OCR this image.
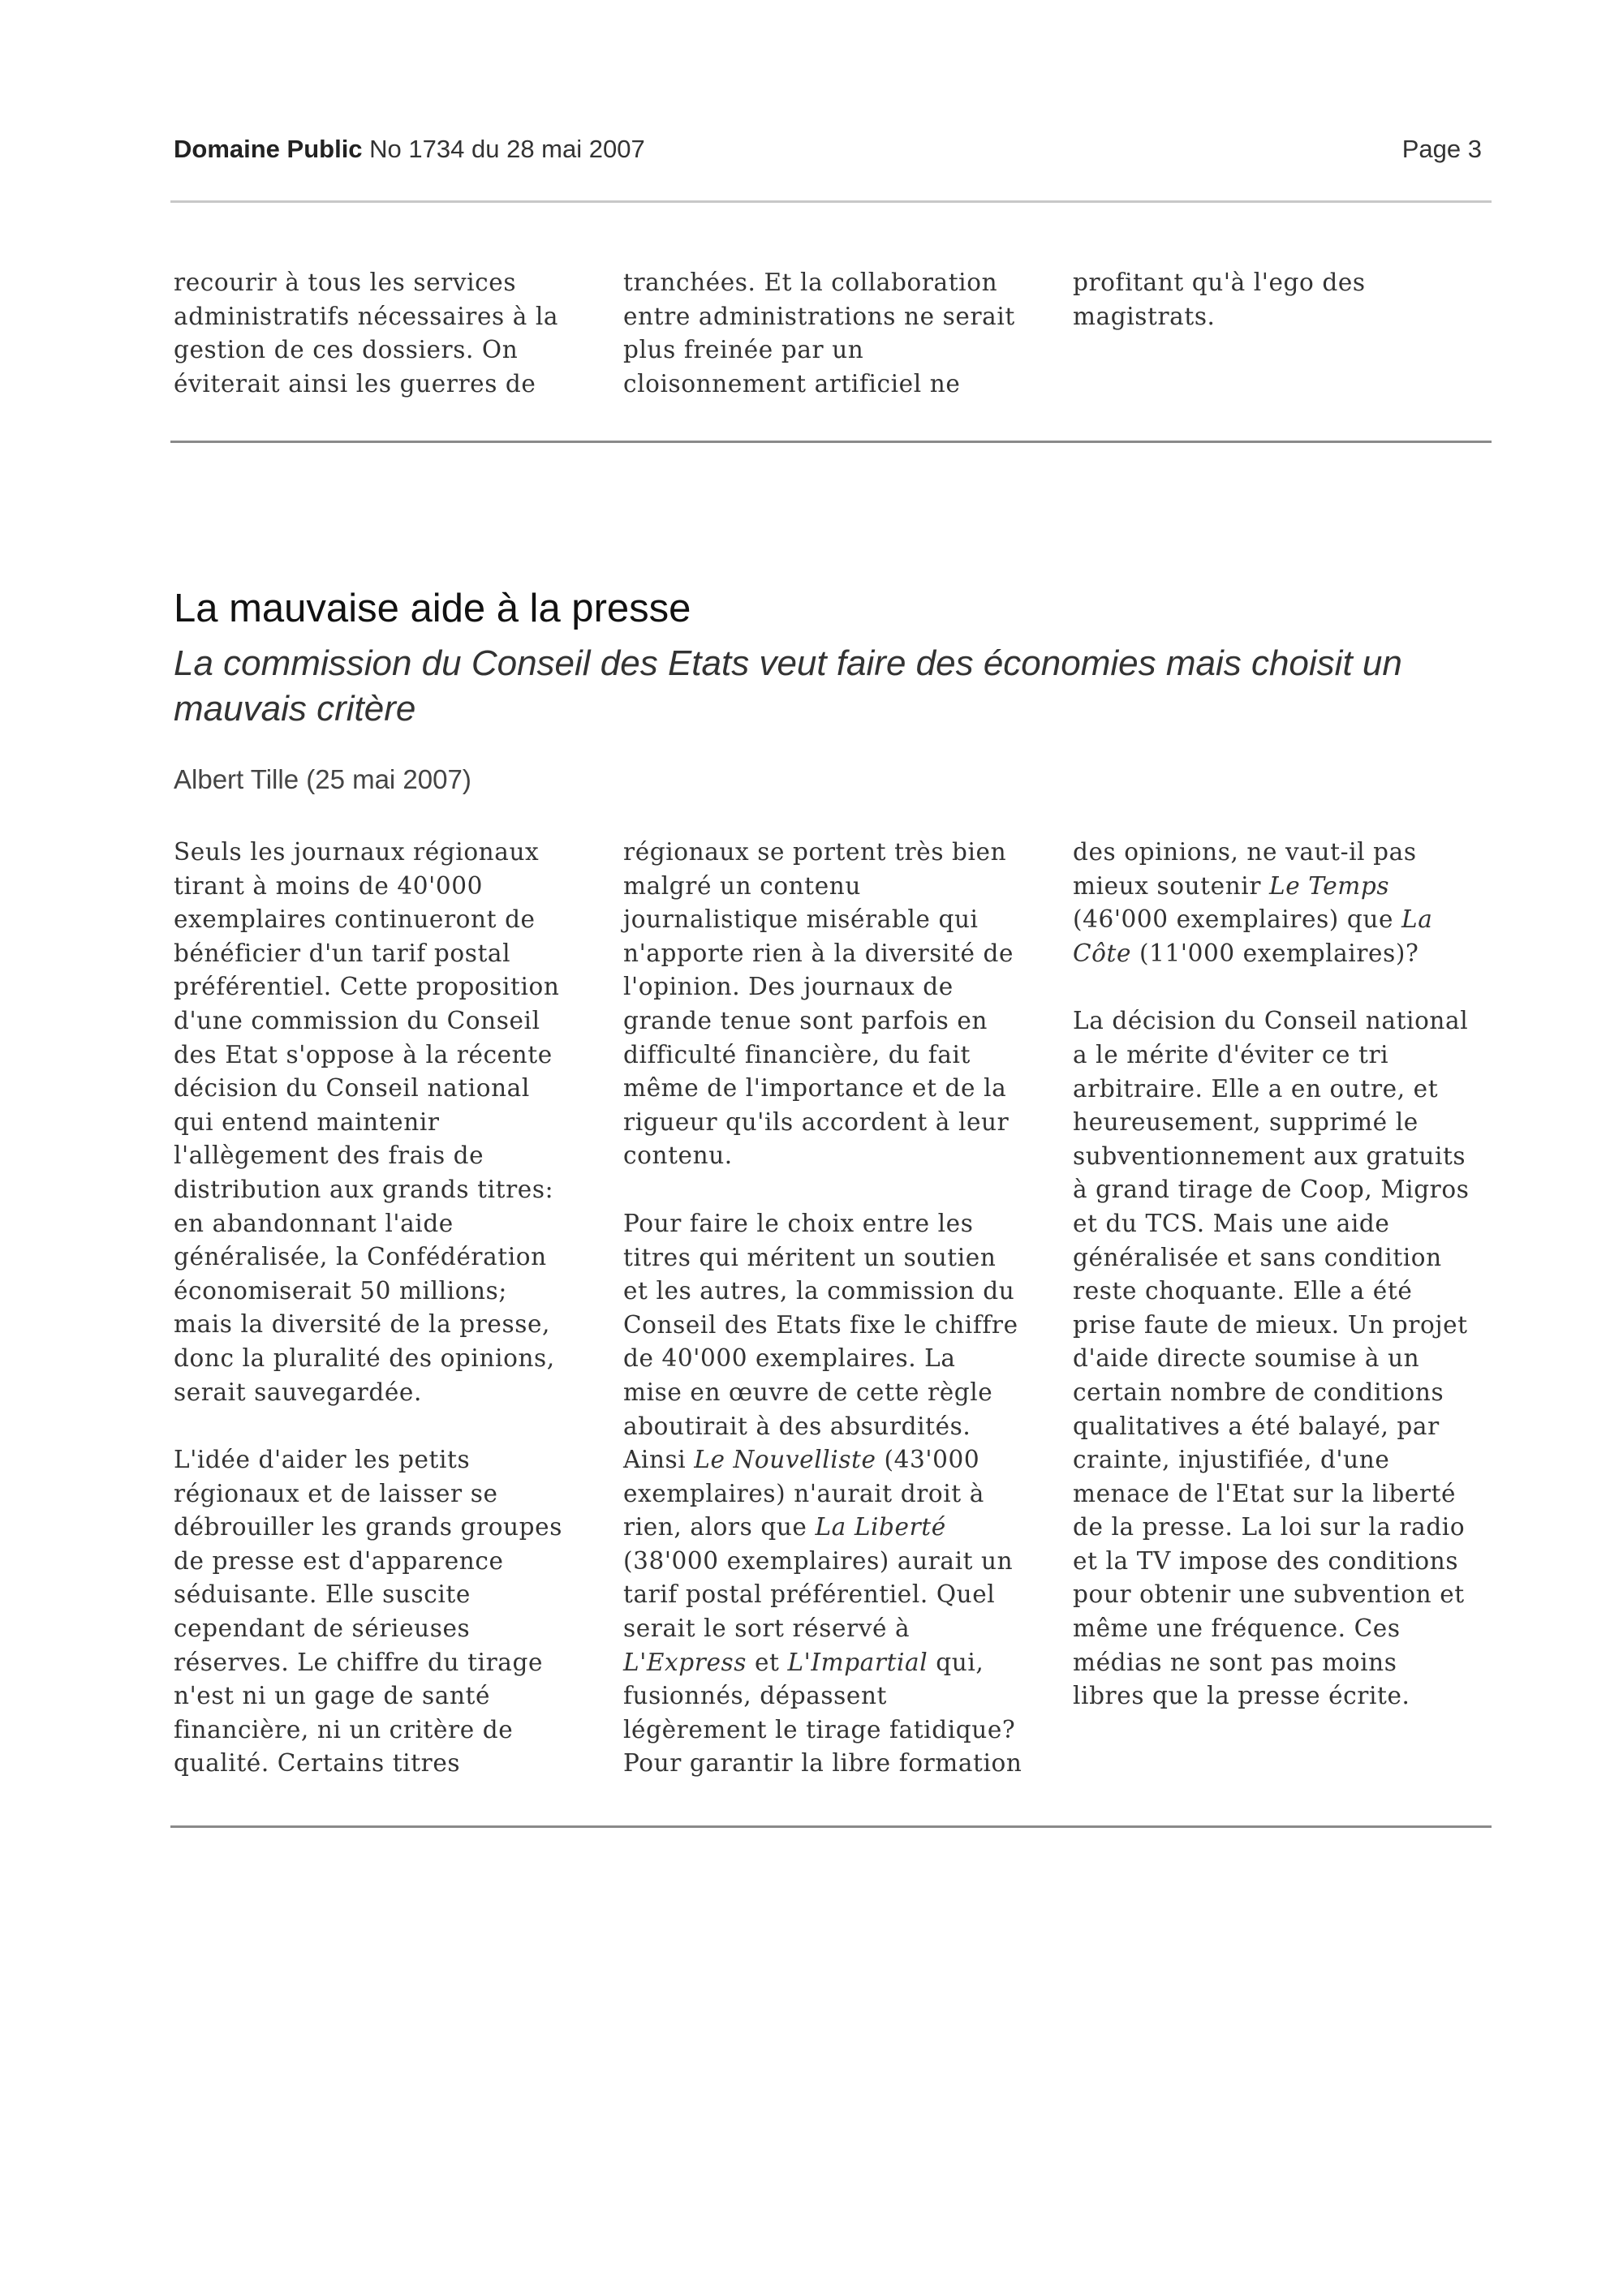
Domaine Public No 1734 du 28 mai 2007	Page 3

recourir à tous les services
administratifs nécessaires à la
gestion de ces dossiers. On
éviterait ainsi les guerres de

tranchées. Et la collaboration
entre administrations ne serait
plus freinée par un
cloisonnement artificiel ne

profitant qu'à l'ego des
magistrats.

La mauvaise aide à la presse

La commission du Conseil des Etats veut faire des économies mais choisit un mauvais critère

Albert Tille (25 mai 2007)

Seuls les journaux régionaux
tirant à moins de 40'000
exemplaires continueront de
bénéficier d'un tarif postal
préférentiel. Cette proposition
d'une commission du Conseil
des Etat s'oppose à la récente
décision du Conseil national
qui entend maintenir
l'allègement des frais de
distribution aux grands titres:
en abandonnant l'aide
généralisée, la Confédération
économiserait 50 millions;
mais la diversité de la presse,
donc la pluralité des opinions,
serait sauvegardée.

L'idée d'aider les petits
régionaux et de laisser se
débrouiller les grands groupes
de presse est d'apparence
séduisante. Elle suscite
cependant de sérieuses
réserves. Le chiffre du tirage
n'est ni un gage de santé
financière, ni un critère de
qualité. Certains titres

régionaux se portent très bien
malgré un contenu
journalistique misérable qui
n'apporte rien à la diversité de
l'opinion. Des journaux de
grande tenue sont parfois en
difficulté financière, du fait
même de l'importance et de la
rigueur qu'ils accordent à leur
contenu.

Pour faire le choix entre les
titres qui méritent un soutien
et les autres, la commission du
Conseil des Etats fixe le chiffre
de 40'000 exemplaires. La
mise en œuvre de cette règle
aboutirait à des absurdités.
Ainsi Le Nouvelliste (43'000
exemplaires) n'aurait droit à
rien, alors que La Liberté
(38'000 exemplaires) aurait un
tarif postal préférentiel. Quel
serait le sort réservé à
L'Express et L'Impartial qui,
fusionnés, dépassent
légèrement le tirage fatidique?
Pour garantir la libre formation

des opinions, ne vaut-il pas
mieux soutenir Le Temps
(46'000 exemplaires) que La
Côte (11'000 exemplaires)?

La décision du Conseil national
a le mérite d'éviter ce tri
arbitraire. Elle a en outre, et
heureusement, supprimé le
subventionnement aux gratuits
à grand tirage de Coop, Migros
et du TCS. Mais une aide
généralisée et sans condition
reste choquante. Elle a été
prise faute de mieux. Un projet
d'aide directe soumise à un
certain nombre de conditions
qualitatives a été balayé, par
crainte, injustifiée, d'une
menace de l'Etat sur la liberté
de la presse. La loi sur la radio
et la TV impose des conditions
pour obtenir une subvention et
même une fréquence. Ces
médias ne sont pas moins
libres que la presse écrite.
